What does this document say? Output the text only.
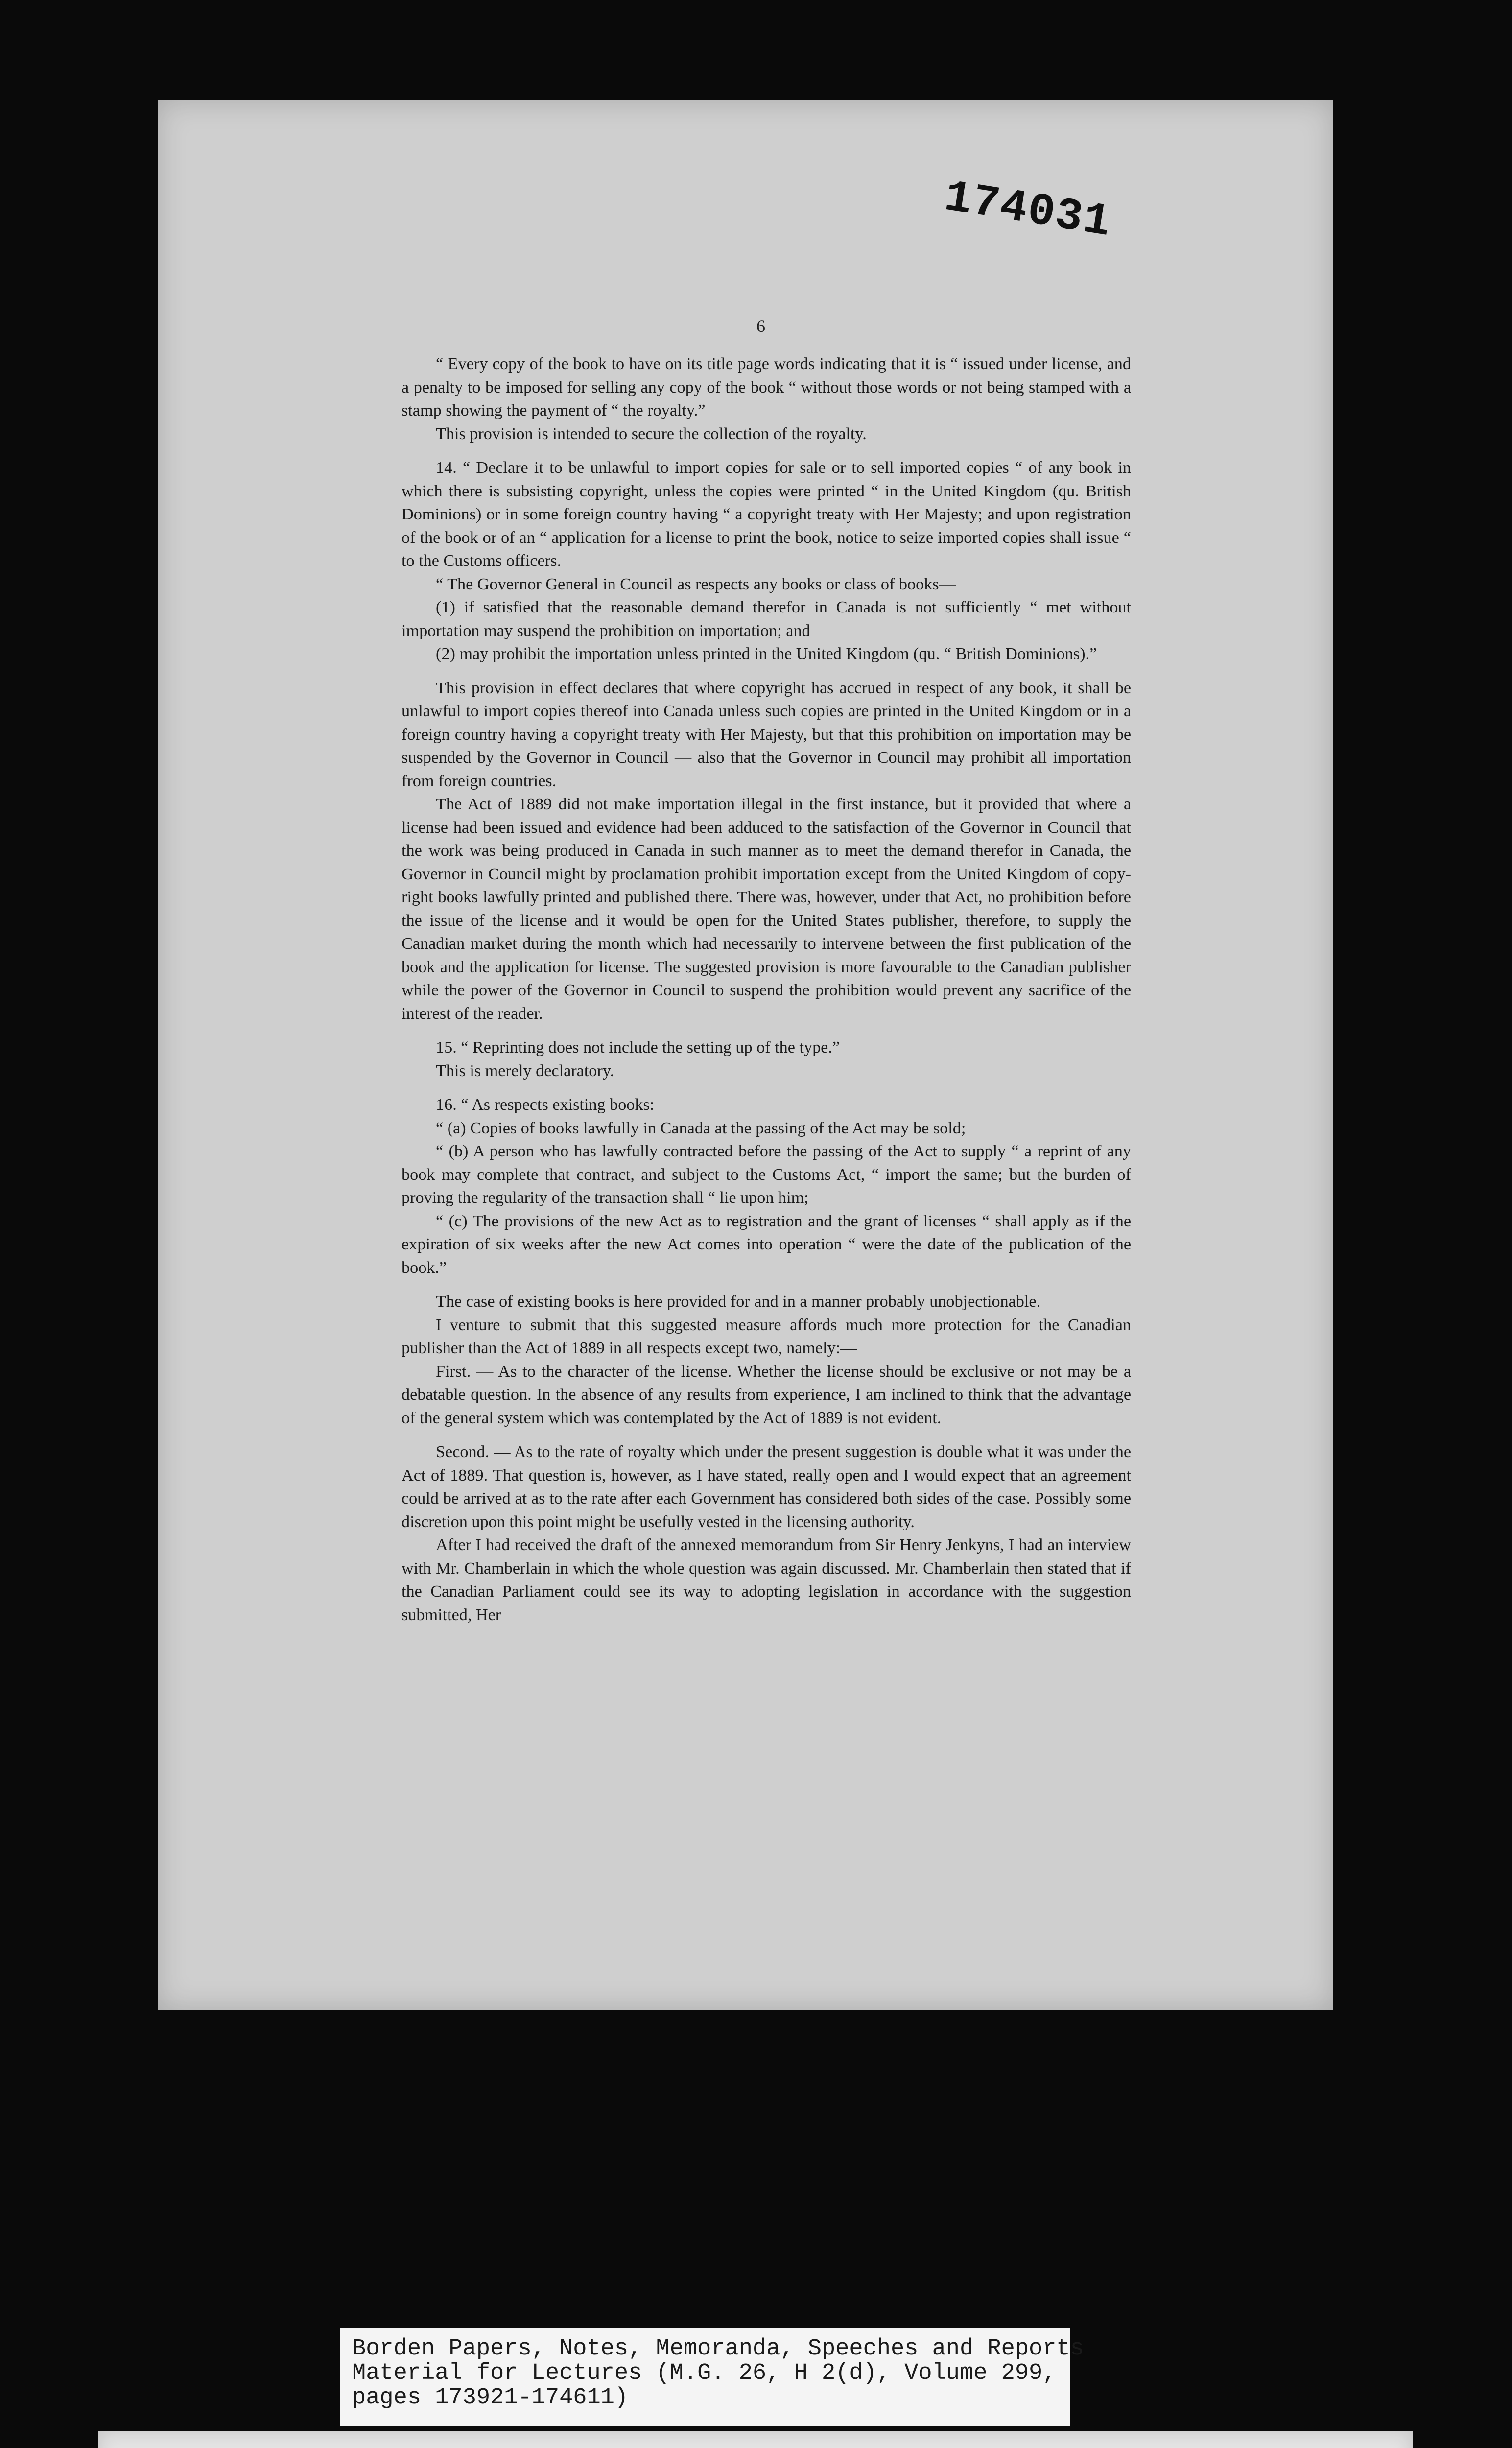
174031
6

“ Every copy of the book to have on its title page words indicating that it is “ issued under license, and a penalty to be imposed for selling any copy of the book “ without those words or not being stamped with a stamp showing the payment of “ the royalty.”

This provision is intended to secure the collection of the royalty.

14. “ Declare it to be unlawful to import copies for sale or to sell imported copies “ of any book in which there is subsisting copyright, unless the copies were printed “ in the United Kingdom (qu. British Dominions) or in some foreign country having “ a copyright treaty with Her Majesty; and upon registration of the book or of an “ application for a license to print the book, notice to seize imported copies shall issue “ to the Customs officers.

“ The Governor General in Council as respects any books or class of books—

(1) if satisfied that the reasonable demand therefor in Canada is not sufficiently “ met without importation may suspend the prohibition on importation; and

(2) may prohibit the importation unless printed in the United Kingdom (qu. “ British Dominions).”

This provision in effect declares that where copyright has accrued in respect of any book, it shall be unlawful to import copies thereof into Canada unless such copies are printed in the United Kingdom or in a foreign country having a copyright treaty with Her Majesty, but that this prohibition on importation may be suspended by the Governor in Council — also that the Governor in Council may prohibit all importation from foreign countries.

The Act of 1889 did not make importation illegal in the first instance, but it provided that where a license had been issued and evidence had been adduced to the satisfaction of the Governor in Council that the work was being produced in Canada in such manner as to meet the demand therefor in Canada, the Governor in Council might by proclamation prohibit importation except from the United Kingdom of copy-right books lawfully printed and published there. There was, however, under that Act, no prohibition before the issue of the license and it would be open for the United States publisher, therefore, to supply the Canadian market during the month which had necessarily to intervene between the first publication of the book and the application for license. The suggested provision is more favourable to the Canadian publisher while the power of the Governor in Council to suspend the prohibition would prevent any sacrifice of the interest of the reader.

15. “ Reprinting does not include the setting up of the type.”

This is merely declaratory.

16. “ As respects existing books:—

“ (a) Copies of books lawfully in Canada at the passing of the Act may be sold;

“ (b) A person who has lawfully contracted before the passing of the Act to supply “ a reprint of any book may complete that contract, and subject to the Customs Act, “ import the same; but the burden of proving the regularity of the transaction shall “ lie upon him;

“ (c) The provisions of the new Act as to registration and the grant of licenses “ shall apply as if the expiration of six weeks after the new Act comes into operation “ were the date of the publication of the book.”

The case of existing books is here provided for and in a manner probably unobjectionable.

I venture to submit that this suggested measure affords much more protection for the Canadian publisher than the Act of 1889 in all respects except two, namely:—

First. — As to the character of the license. Whether the license should be exclusive or not may be a debatable question. In the absence of any results from experience, I am inclined to think that the advantage of the general system which was contemplated by the Act of 1889 is not evident.

Second. — As to the rate of royalty which under the present suggestion is double what it was under the Act of 1889. That question is, however, as I have stated, really open and I would expect that an agreement could be arrived at as to the rate after each Government has considered both sides of the case. Possibly some discretion upon this point might be usefully vested in the licensing authority.

After I had received the draft of the annexed memorandum from Sir Henry Jenkyns, I had an interview with Mr. Chamberlain in which the whole question was again discussed. Mr. Chamberlain then stated that if the Canadian Parliament could see its way to adopting legislation in accordance with the suggestion submitted, Her

Borden Papers, Notes, Memoranda, Speeches and Reports
Material for Lectures (M.G. 26, H 2(d), Volume 299,
pages 173921-174611)
